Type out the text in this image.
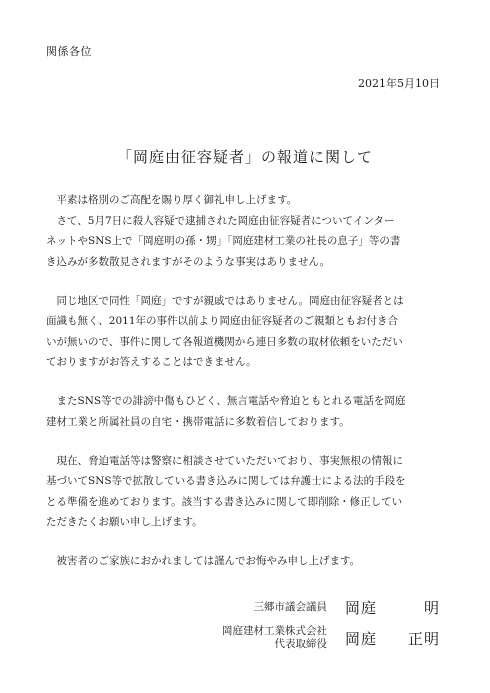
関係各位
2021年5月10日
「岡庭由征容疑者」の報道に関して
　平素は格別のご高配を賜り厚く御礼申し上げます。
　さて、5月7日に殺人容疑で逮捕された岡庭由征容疑者についてインター
ネットやSNS上で「岡庭明の孫・甥」「岡庭建材工業の社長の息子」等の書
き込みが多数散見されますがそのような事実はありません。
　同じ地区で同性「岡庭」ですが親戚ではありません。岡庭由征容疑者とは
面識も無く、2011年の事件以前より岡庭由征容疑者のご親類ともお付き合
いが無いので、事件に関して各報道機関から連日多数の取材依頼をいただい
ておりますがお答えすることはできません。
　またSNS等での誹謗中傷もひどく、無言電話や脅迫ともとれる電話を岡庭
建材工業と所属社員の自宅・携帯電話に多数着信しております。
　現在、脅迫電話等は警察に相談させていただいており、事実無根の情報に
基づいてSNS等で拡散している書き込みに関しては弁護士による法的手段を
とる準備を進めております。該当する書き込みに関して即削除・修正してい
ただきたくお願い申し上げます。
　被害者のご家族におかれましては謹んでお悔やみ申し上げます。
三郷市議会議員 岡庭	明
岡庭建材工業株式会社
代表取締役 岡庭 正明
